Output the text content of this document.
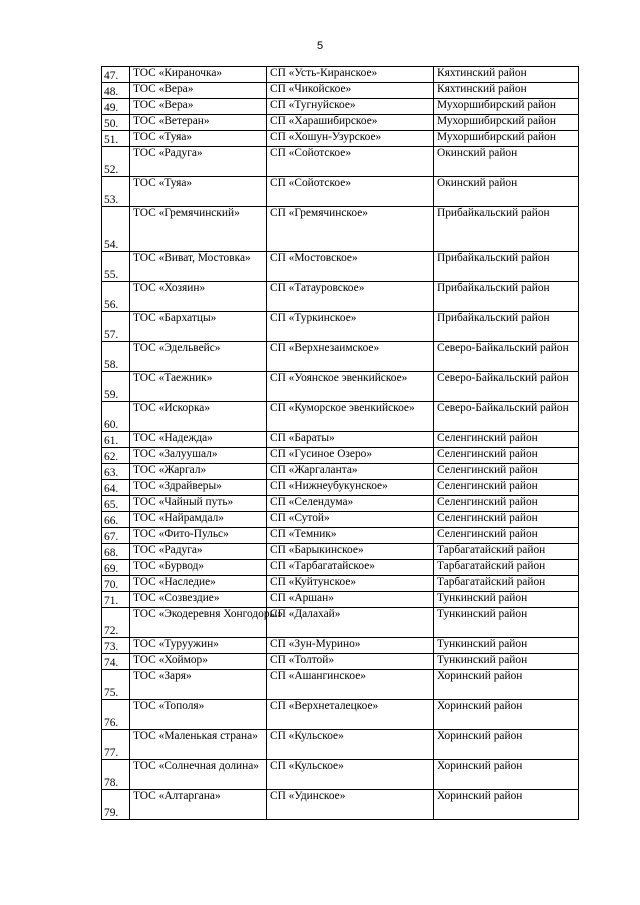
5
47.	ТОС «Кираночка»	СП «Усть-Киранское»	Кяхтинский район
48.	ТОС «Вера»	СП «Чикойское»	Кяхтинский район
49.	ТОС «Вера»	СП «Тугнуйское»	Мухоршибирский район
50.	ТОС «Ветеран»	СП «Харашибирское»	Мухоршибирский район
51.	ТОС «Туяа»	СП «Хошун-Узурское»	Мухоршибирский район
52.	ТОС «Радуга»	СП «Сойотское»	Окинский район
53.	ТОС «Туяа»	СП «Сойотское»	Окинский район
54.	ТОС «Гремячинский»	СП «Гремячинское»	Прибайкальский район
55.	ТОС «Виват, Мостовка»	СП «Мостовское»	Прибайкальский район
56.	ТОС «Хозяин»	СП «Татауровское»	Прибайкальский район
57.	ТОС «Бархатцы»	СП «Туркинское»	Прибайкальский район
58.	ТОС «Эдельвейс»	СП «Верхнезаимское»	Северо-Байкальский район
59.	ТОС «Таежник»	СП «Уоянское эвенкийское»	Северо-Байкальский район
60.	ТОС «Искорка»	СП «Куморское эвенкийское»	Северо-Байкальский район
61.	ТОС «Надежда»	СП «Бараты»	Селенгинский район
62.	ТОС «Залуушал»	СП «Гусиное Озеро»	Селенгинский район
63.	ТОС «Жаргал»	СП «Жаргаланта»	Селенгинский район
64.	ТОС «Здрайверы»	СП «Нижнеубукунское»	Селенгинский район
65.	ТОС «Чайный путь»	СП «Селендума»	Селенгинский район
66.	ТОС «Найрамдал»	СП «Сутой»	Селенгинский район
67.	ТОС «Фито-Пульс»	СП «Темник»	Селенгинский район
68.	ТОС «Радуга»	СП «Барыкинское»	Тарбагатайский район
69.	ТОС «Бурвод»	СП «Тарбагатайское»	Тарбагатайский район
70.	ТОС «Наследие»	СП «Куйтунское»	Тарбагатайский район
71.	ТОС «Созвездие»	СП «Аршан»	Тункинский район
72.	ТОС «Экодеревня Хонгодоры»	СП «Далахай»	Тункинский район
73.	ТОС «Туруужин»	СП «Зун-Мурино»	Тункинский район
74.	ТОС «Хоймор»	СП «Толтой»	Тункинский район
75.	ТОС «Заря»	СП «Ашангинское»	Хоринский район
76.	ТОС «Тополя»	СП «Верхнеталецкое»	Хоринский район
77.	ТОС «Маленькая страна»	СП «Кульское»	Хоринский район
78.	ТОС «Солнечная долина»	СП «Кульское»	Хоринский район
79.	ТОС «Алтаргана»	СП «Удинское»	Хоринский район
